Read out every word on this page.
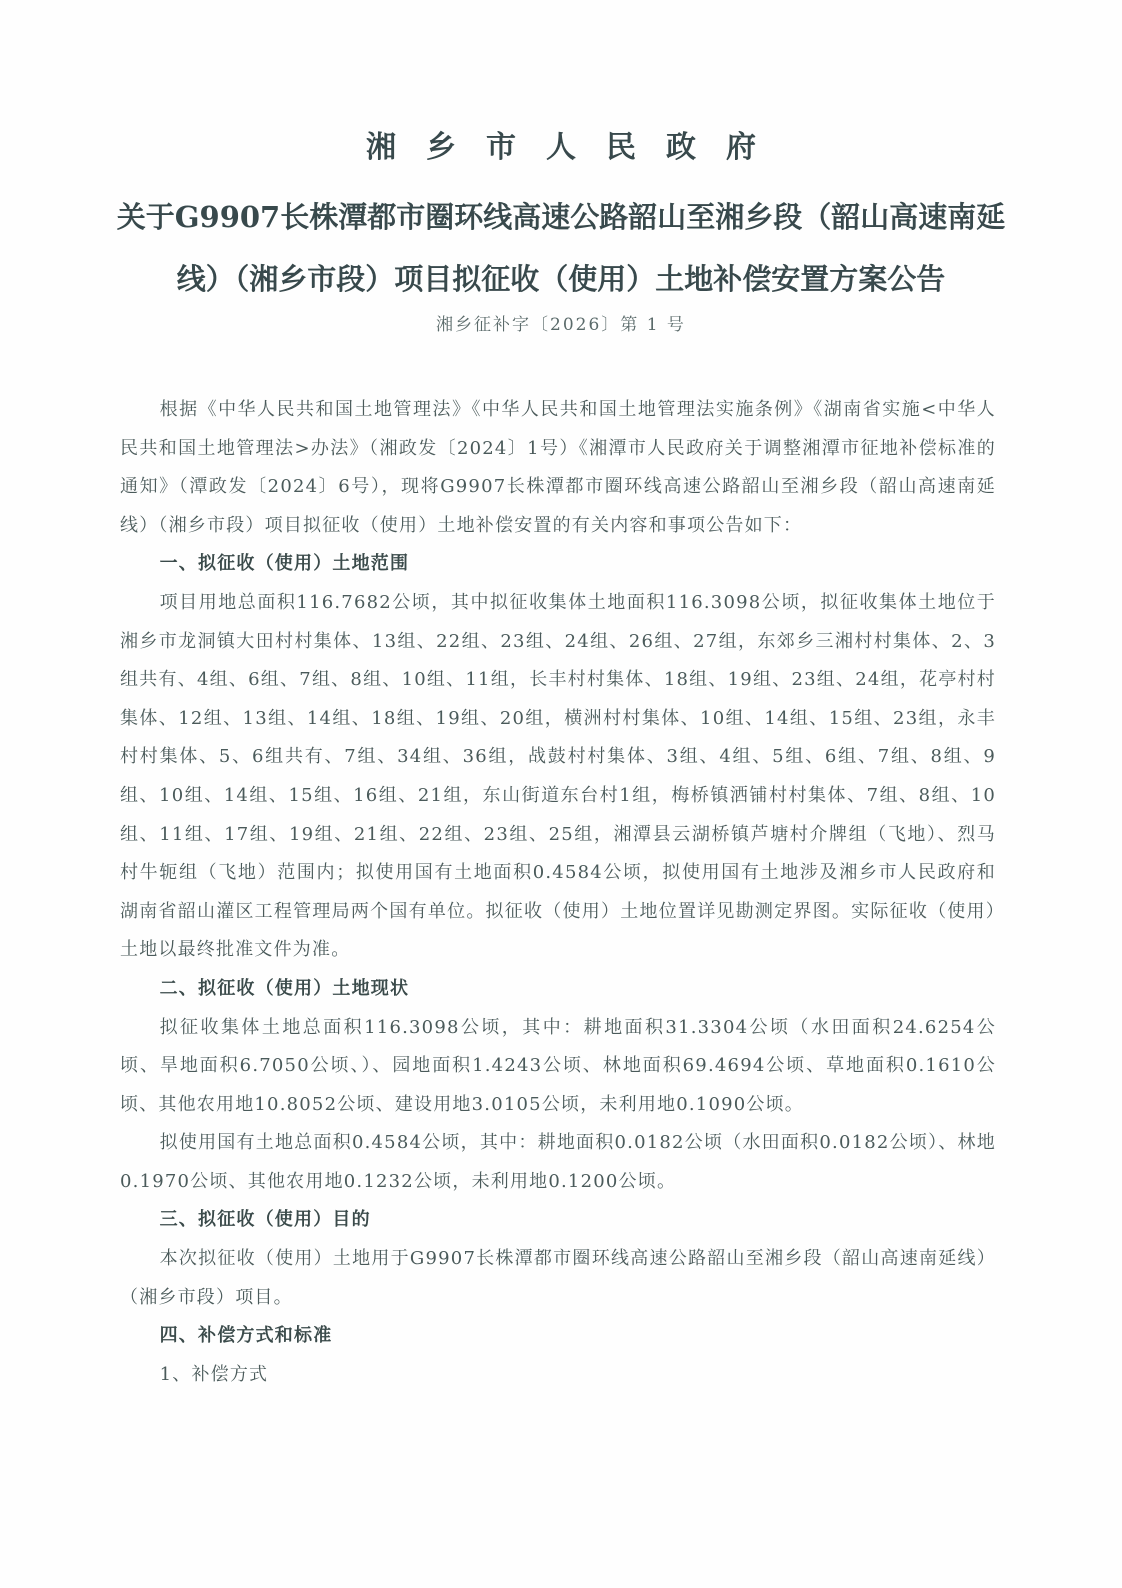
湘乡市人民政府
关于G9907长株潭都市圈环线高速公路韶山至湘乡段（韶山高速南延线）（湘乡市段）项目拟征收（使用）土地补偿安置方案公告
湘乡征补字〔2026〕第 1 号

根据《中华人民共和国土地管理法》《中华人民共和国土地管理法实施条例》《湖南省实施<中华人民共和国土地管理法>办法》（湘政发〔2024〕1号）《湘潭市人民政府关于调整湘潭市征地补偿标准的通知》（潭政发〔2024〕6号），现将G9907长株潭都市圈环线高速公路韶山至湘乡段（韶山高速南延线）（湘乡市段）项目拟征收（使用）土地补偿安置的有关内容和事项公告如下：

一、拟征收（使用）土地范围

项目用地总面积116.7682公顷，其中拟征收集体土地面积116.3098公顷，拟征收集体土地位于湘乡市龙洞镇大田村村集体、13组、22组、23组、24组、26组、27组，东郊乡三湘村村集体、2、3组共有、4组、6组、7组、8组、10组、11组，长丰村村集体、18组、19组、23组、24组，花亭村村集体、12组、13组、14组、18组、19组、20组，横洲村村集体、10组、14组、15组、23组，永丰村村集体、5、6组共有、7组、34组、36组，战鼓村村集体、3组、4组、5组、6组、7组、8组、9组、10组、14组、15组、16组、21组，东山街道东台村1组，梅桥镇洒铺村村集体、7组、8组、10组、11组、17组、19组、21组、22组、23组、25组，湘潭县云湖桥镇芦塘村介牌组（飞地）、烈马村牛轭组（飞地）范围内；拟使用国有土地面积0.4584公顷，拟使用国有土地涉及湘乡市人民政府和湖南省韶山灌区工程管理局两个国有单位。拟征收（使用）土地位置详见勘测定界图。实际征收（使用）土地以最终批准文件为准。

二、拟征收（使用）土地现状

拟征收集体土地总面积116.3098公顷，其中：耕地面积31.3304公顷（水田面积24.6254公顷、旱地面积6.7050公顷、）、园地面积1.4243公顷、林地面积69.4694公顷、草地面积0.1610公顷、其他农用地10.8052公顷、建设用地3.0105公顷，未利用地0.1090公顷。

拟使用国有土地总面积0.4584公顷，其中：耕地面积0.0182公顷（水田面积0.0182公顷）、林地0.1970公顷、其他农用地0.1232公顷，未利用地0.1200公顷。

三、拟征收（使用）目的

本次拟征收（使用）土地用于G9907长株潭都市圈环线高速公路韶山至湘乡段（韶山高速南延线）（湘乡市段）项目。

四、补偿方式和标准

1、补偿方式
